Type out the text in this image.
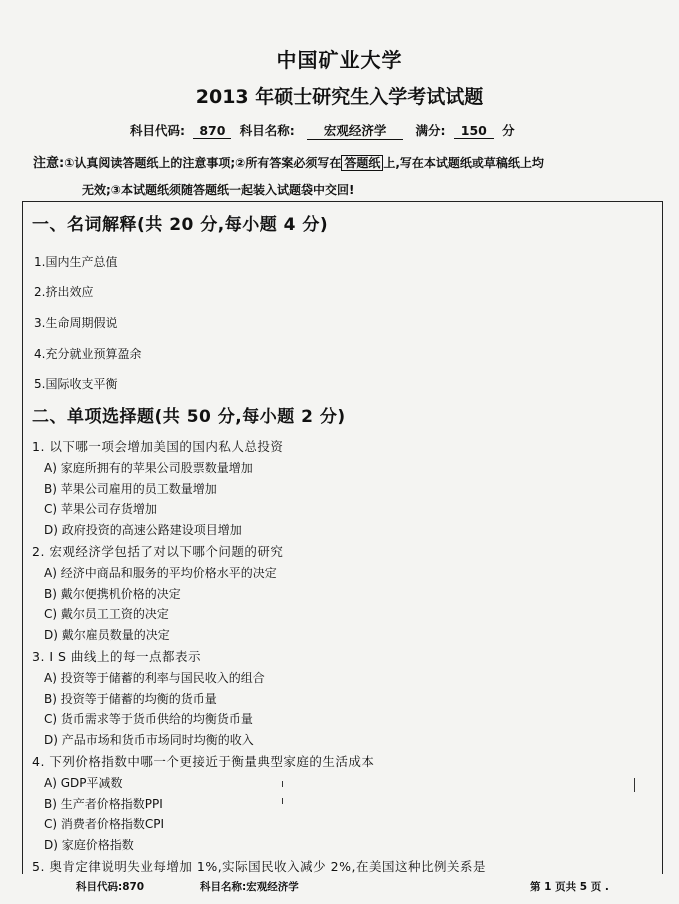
中国矿业大学
2013 年硕士研究生入学考试试题
科目代码: 870 科目名称: 宏观经济学 满分: 150 分
注意:①认真阅读答题纸上的注意事项;②所有答案必须写在 答题纸 上,写在本试题纸或草稿纸上均
无效;③本试题纸须随答题纸一起装入试题袋中交回!
一、名词解释(共 20 分,每小题 4 分)
1.国内生产总值
2.挤出效应
3.生命周期假说
4.充分就业预算盈余
5.国际收支平衡
二、单项选择题(共 50 分,每小题 2 分)
1. 以下哪一项会增加美国的国内私人总投资
A) 家庭所拥有的苹果公司股票数量增加
B) 苹果公司雇用的员工数量增加
C) 苹果公司存货增加
D) 政府投资的高速公路建设项目增加
2. 宏观经济学包括了对以下哪个问题的研究
A) 经济中商品和服务的平均价格水平的决定
B) 戴尔便携机价格的决定
C) 戴尔员工工资的决定
D) 戴尔雇员数量的决定
3. I S 曲线上的每一点都表示
A) 投资等于储蓄的利率与国民收入的组合
B) 投资等于储蓄的均衡的货币量
C) 货币需求等于货币供给的均衡货币量
D) 产品市场和货币市场同时均衡的收入
4. 下列价格指数中哪一个更接近于衡量典型家庭的生活成本
A) GDP平减数
B) 生产者价格指数PPI
C) 消费者价格指数CPI
D) 家庭价格指数
5. 奥肯定律说明失业每增加 1%,实际国民收入减少 2%,在美国这种比例关系是
科目代码:870	科目名称:宏观经济学	第 1 页共 5 页 .
